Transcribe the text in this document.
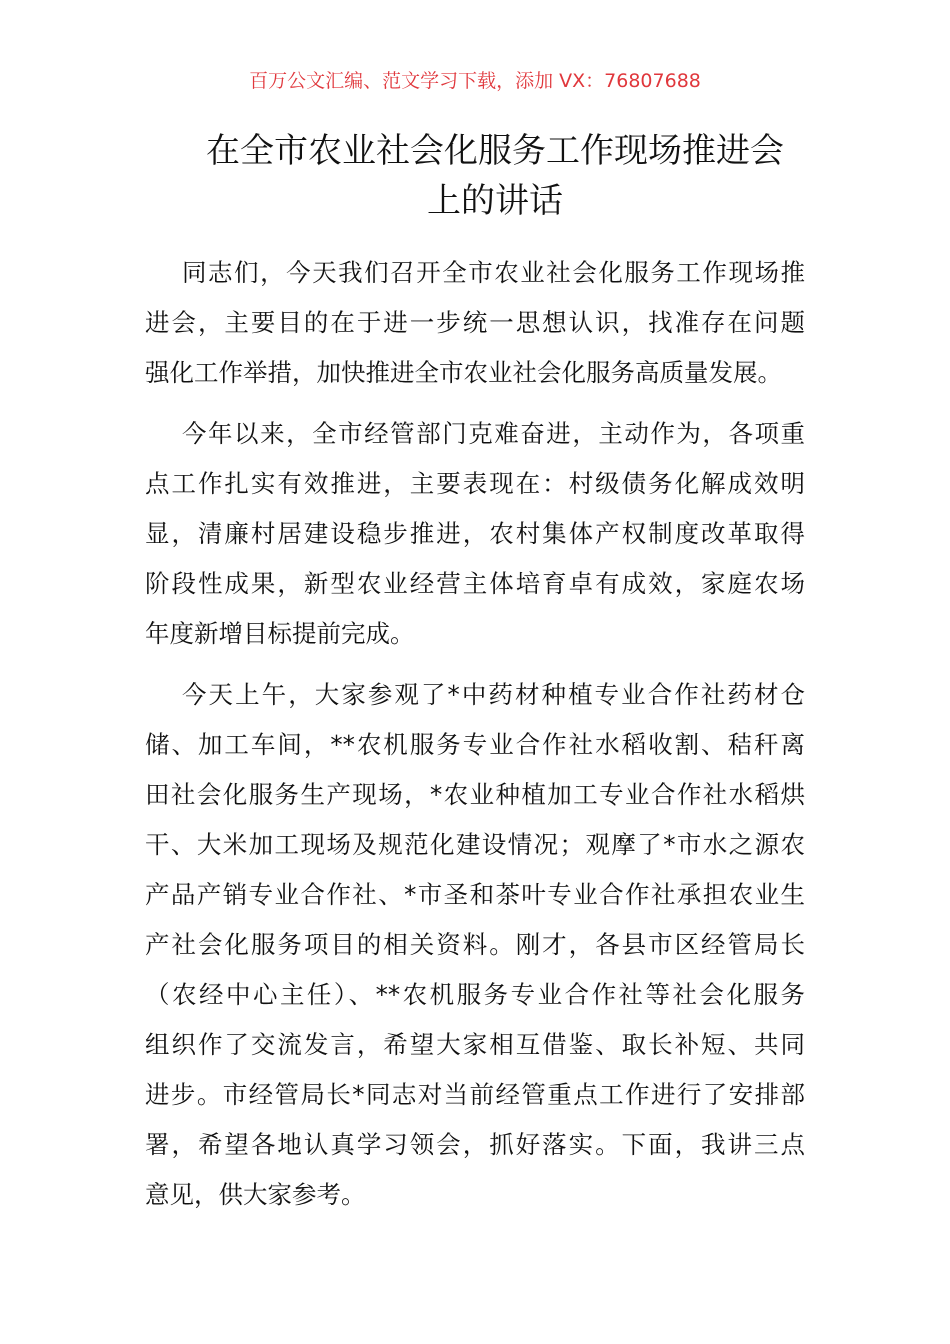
百万公文汇编、范文学习下载，添加 VX：76807688
在全市农业社会化服务工作现场推进会
上的讲话
同志们，今天我们召开全市农业社会化服务工作现场推
进会，主要目的在于进一步统一思想认识，找准存在问题
强化工作举措，加快推进全市农业社会化服务高质量发展。
今年以来，全市经管部门克难奋进，主动作为，各项重
点工作扎实有效推进，主要表现在：村级债务化解成效明
显，清廉村居建设稳步推进，农村集体产权制度改革取得
阶段性成果，新型农业经营主体培育卓有成效，家庭农场
年度新增目标提前完成。
今天上午，大家参观了*中药材种植专业合作社药材仓
储、加工车间，**农机服务专业合作社水稻收割、秸秆离
田社会化服务生产现场，*农业种植加工专业合作社水稻烘
干、大米加工现场及规范化建设情况；观摩了*市水之源农
产品产销专业合作社、*市圣和茶叶专业合作社承担农业生
产社会化服务项目的相关资料。刚才，各县市区经管局长
（农经中心主任）、**农机服务专业合作社等社会化服务
组织作了交流发言，希望大家相互借鉴、取长补短、共同
进步。市经管局长*同志对当前经管重点工作进行了安排部
署，希望各地认真学习领会，抓好落实。下面，我讲三点
意见，供大家参考。
